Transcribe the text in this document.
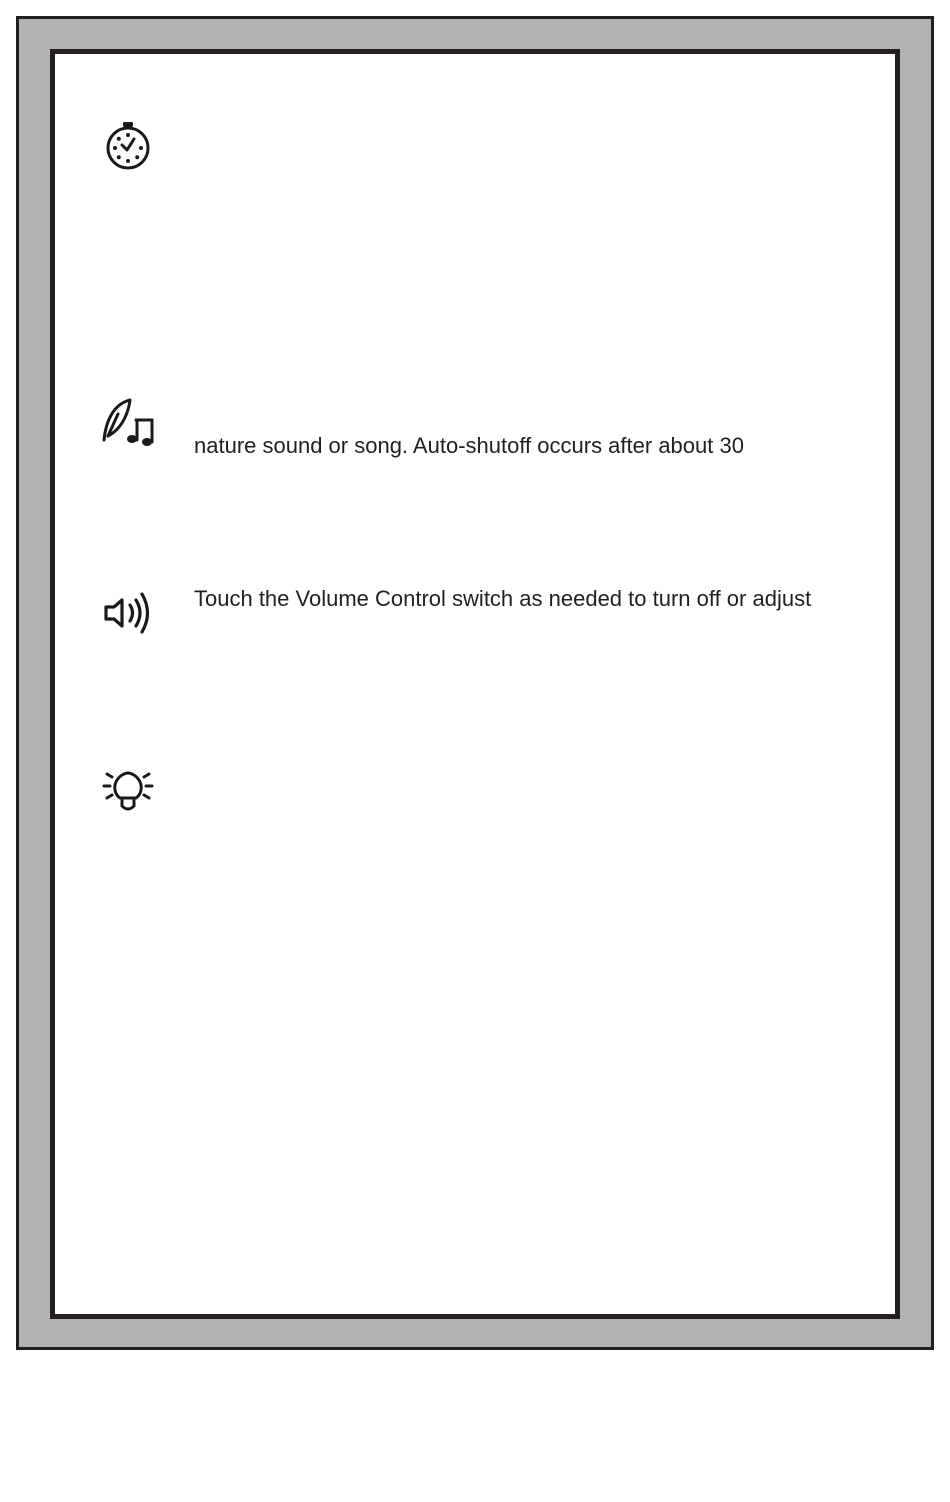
nature sound or song. Auto-shutoff occurs after about 30
Touch the Volume Control switch as needed to turn off or adjust
